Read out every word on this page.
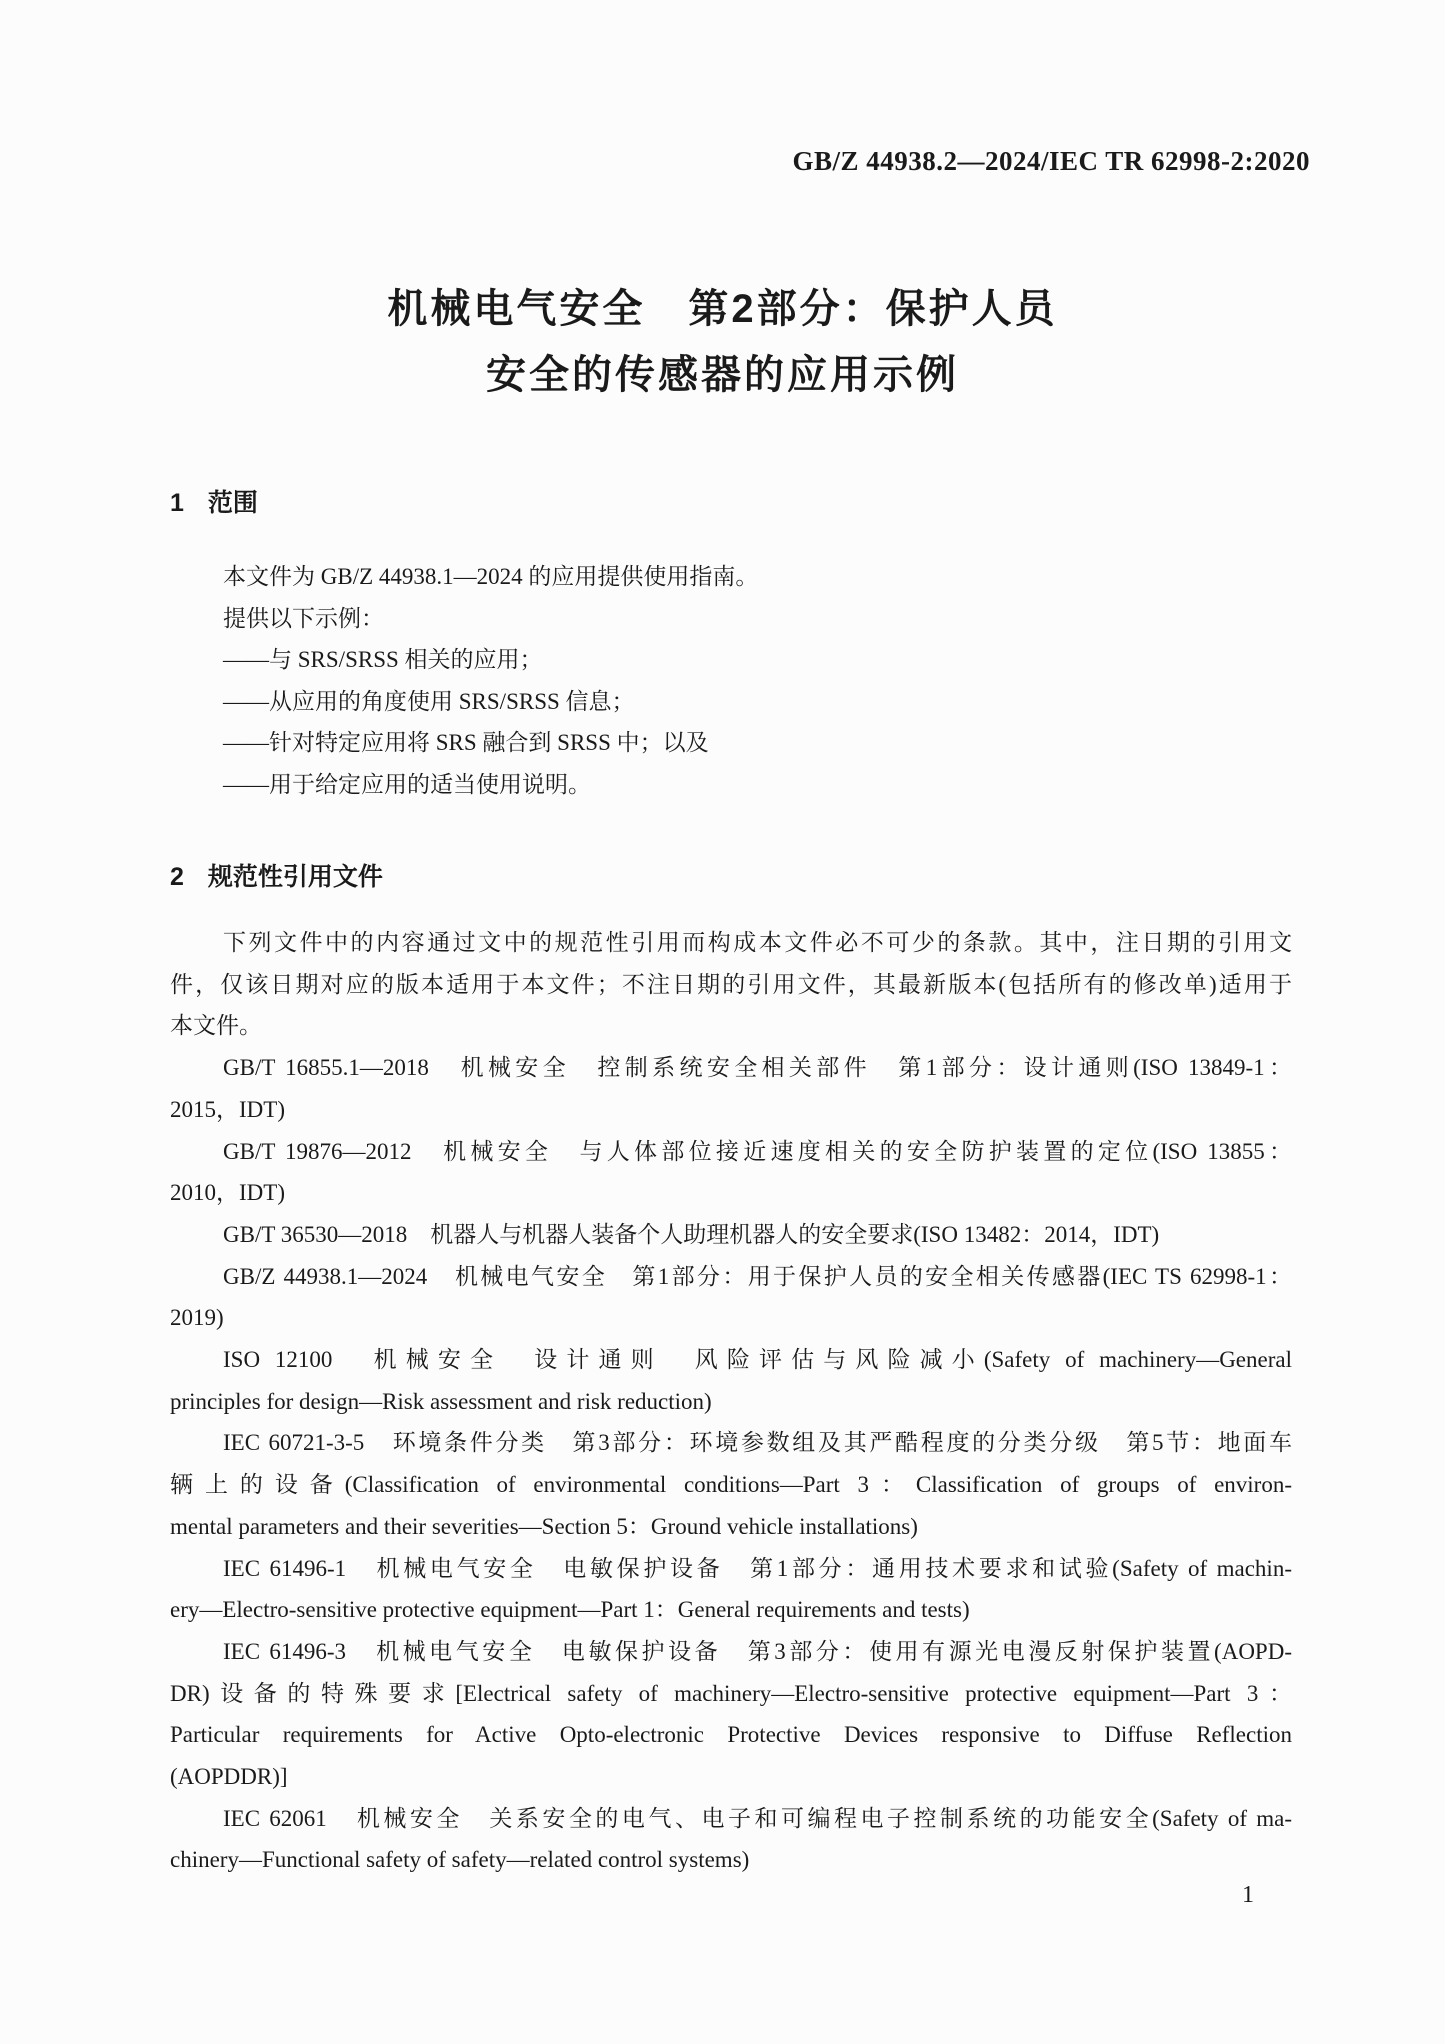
GB/Z 44938.2—2024/IEC TR 62998-2:2020
机械电气安全　第2部分：保护人员
安全的传感器的应用示例
1 范围
本文件为 GB/Z 44938.1—2024 的应用提供使用指南。
提供以下示例：
——与 SRS/SRSS 相关的应用；
——从应用的角度使用 SRS/SRSS 信息；
——针对特定应用将 SRS 融合到 SRSS 中；以及
——用于给定应用的适当使用说明。
2 规范性引用文件
下列文件中的内容通过文中的规范性引用而构成本文件必不可少的条款。其中，注日期的引用文
件，仅该日期对应的版本适用于本文件；不注日期的引用文件，其最新版本(包括所有的修改单)适用于
本文件。
GB/T 16855.1—2018　机械安全　控制系统安全相关部件　第1部分：设计通则(ISO 13849-1：
2015，IDT)
GB/T 19876—2012　机械安全　与人体部位接近速度相关的安全防护装置的定位(ISO 13855：
2010，IDT)
GB/T 36530—2018　机器人与机器人装备个人助理机器人的安全要求(ISO 13482：2014，IDT)
GB/Z 44938.1—2024　机械电气安全　第1部分：用于保护人员的安全相关传感器(IEC TS 62998-1：
2019)
ISO 12100　机械安全　设计通则　风险评估与风险减小(Safety of machinery—General
principles for design—Risk assessment and risk reduction)
IEC 60721-3-5　环境条件分类　第3部分：环境参数组及其严酷程度的分类分级　第5节：地面车
辆上的设备(Classification of environmental conditions—Part 3：Classification of groups of environ-
mental parameters and their severities—Section 5：Ground vehicle installations)
IEC 61496-1　机械电气安全　电敏保护设备　第1部分：通用技术要求和试验(Safety of machin-
ery—Electro-sensitive protective equipment—Part 1：General requirements and tests)
IEC 61496-3　机械电气安全　电敏保护设备　第3部分：使用有源光电漫反射保护装置(AOPD-
DR)设备的特殊要求[Electrical safety of machinery—Electro-sensitive protective equipment—Part 3：
Particular requirements for Active Opto-electronic Protective Devices responsive to Diffuse Reflection
(AOPDDR)]
IEC 62061　机械安全　关系安全的电气、电子和可编程电子控制系统的功能安全(Safety of ma-
chinery—Functional safety of safety—related control systems)
1
